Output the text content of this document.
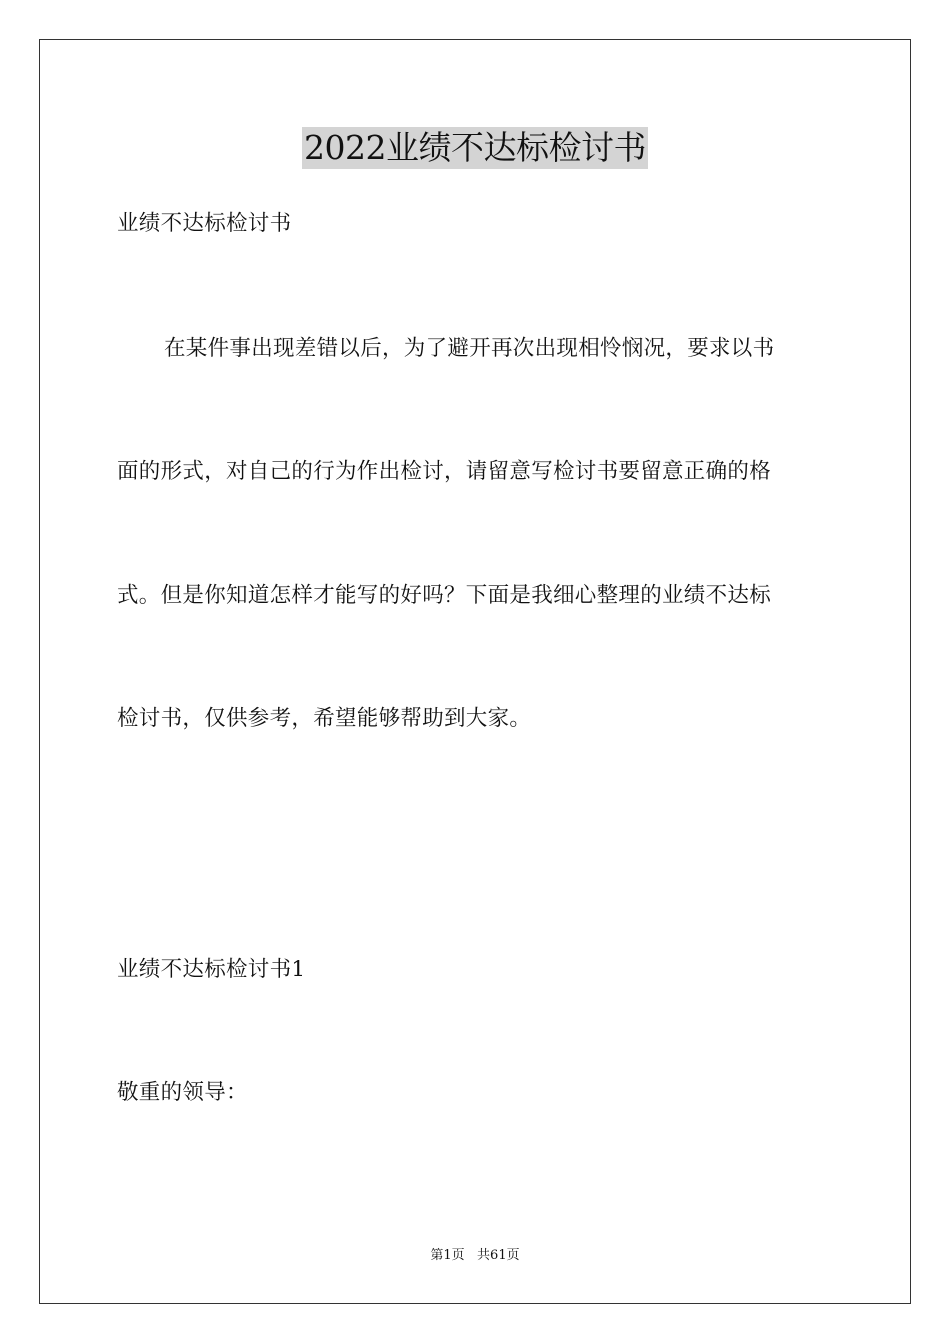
2022业绩不达标检讨书
业绩不达标检讨书
在某件事出现差错以后，为了避开再次出现相怜悯况，要求以书
面的形式，对自己的行为作出检讨，请留意写检讨书要留意正确的格
式。但是你知道怎样才能写的好吗？下面是我细心整理的业绩不达标
检讨书，仅供参考，希望能够帮助到大家。
业绩不达标检讨书1
敬重的领导：
第1页   共61页
